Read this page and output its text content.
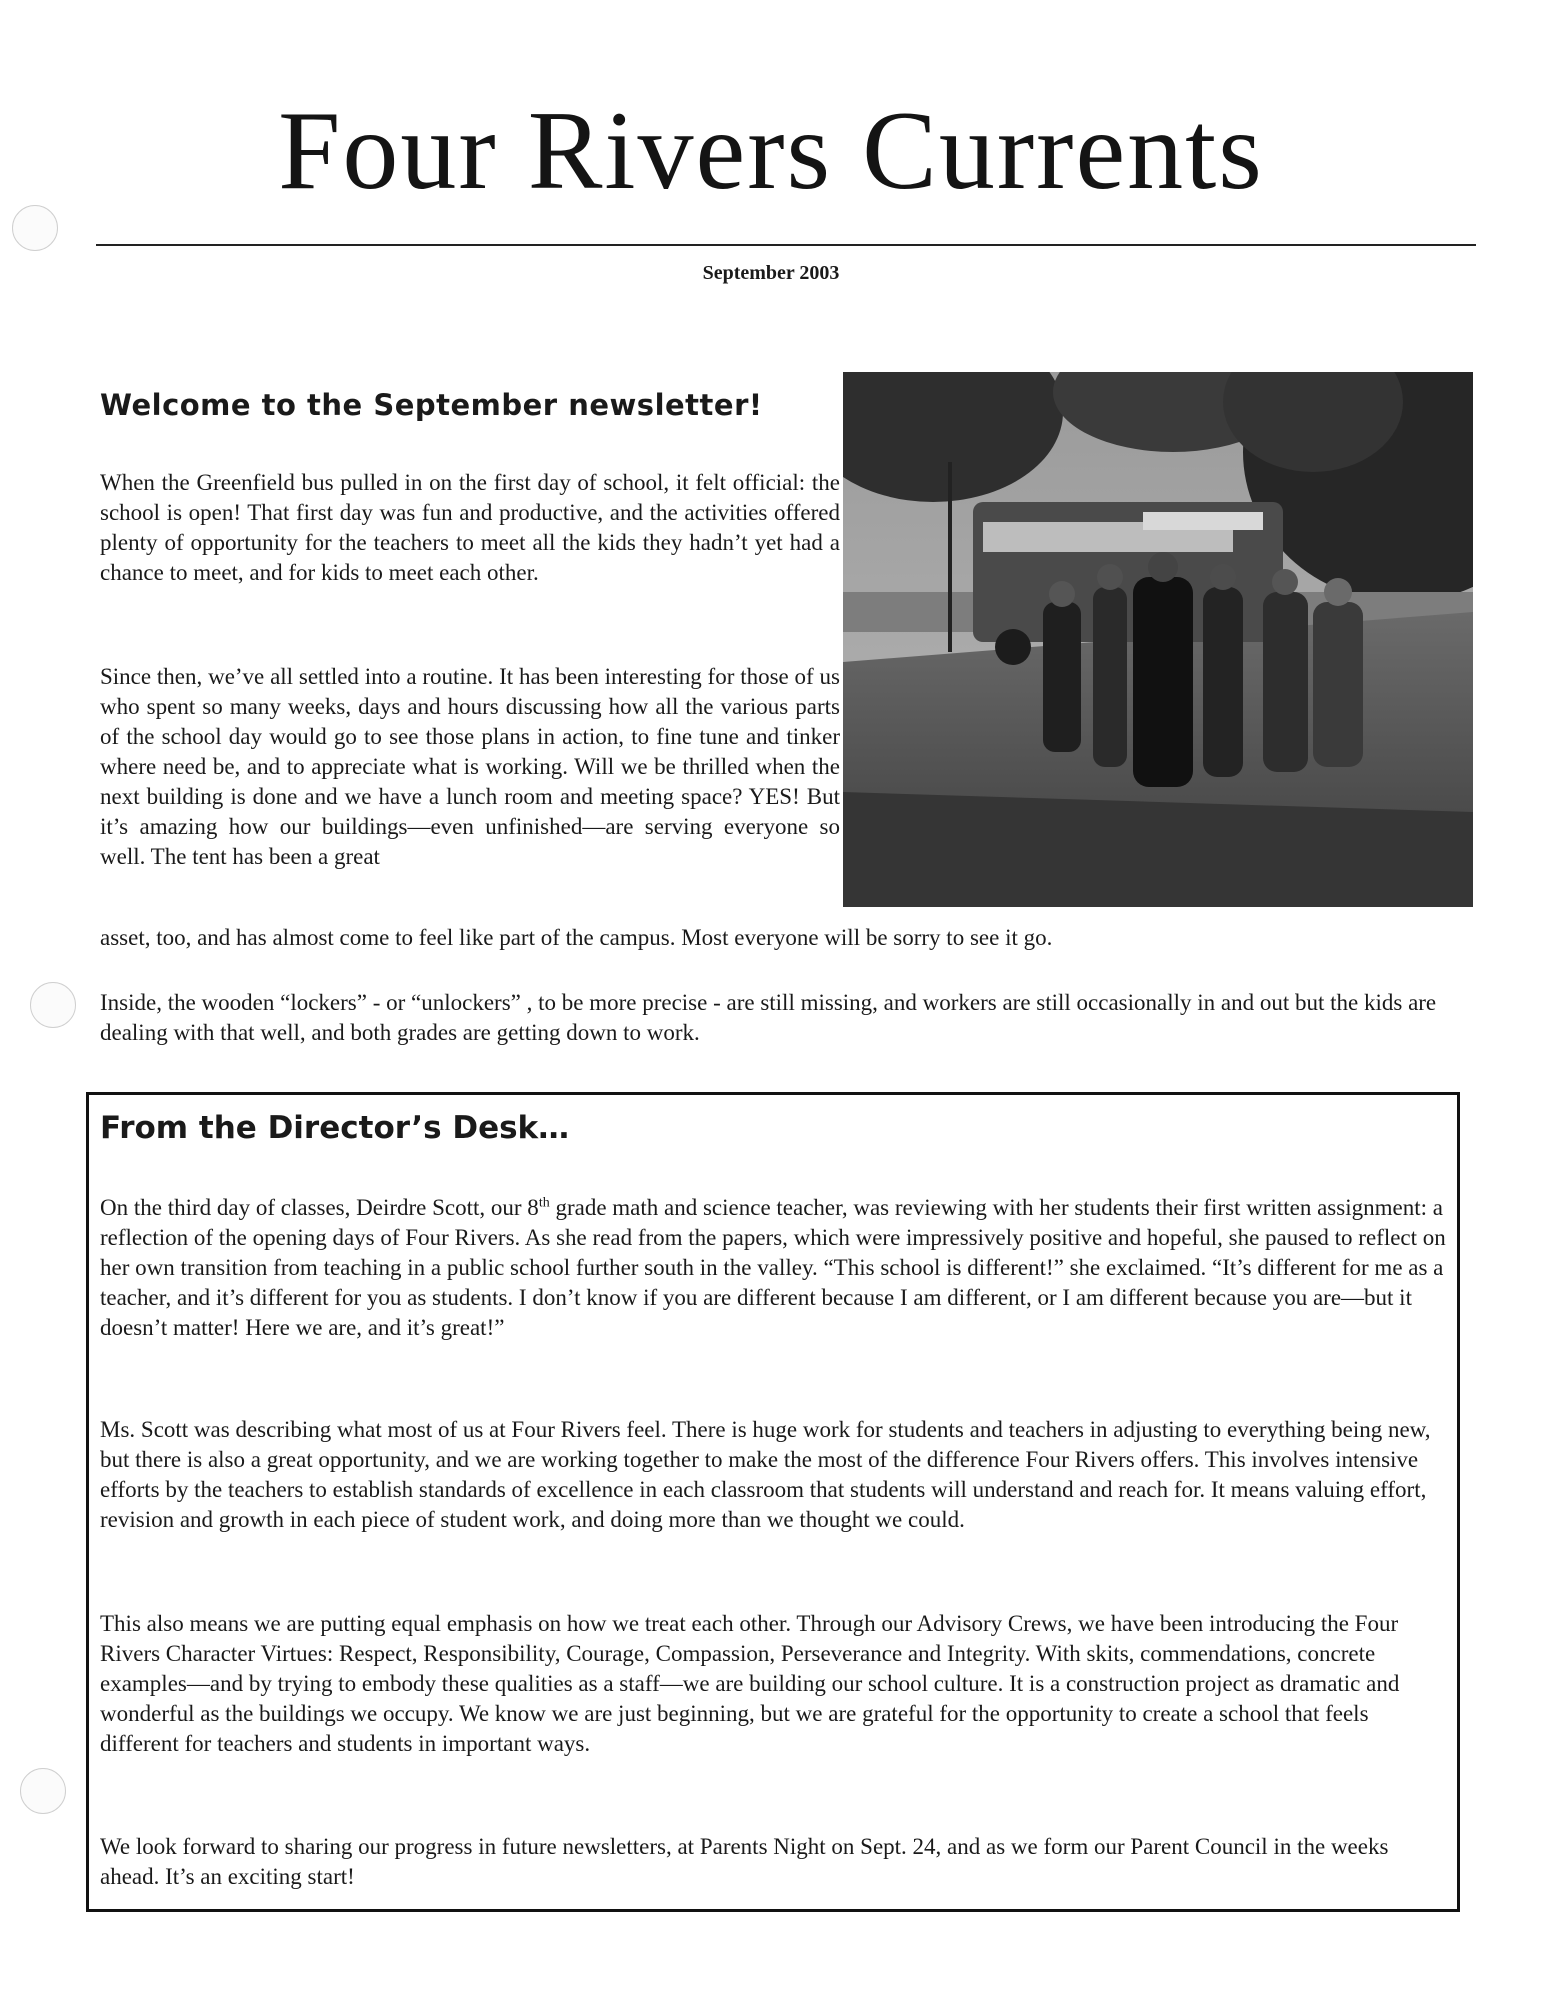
Four Rivers Currents
September 2003
Welcome to the September newsletter!

When the Greenfield bus pulled in on the first day of school, it felt official: the school is open! That first day was fun and productive, and the activities offered plenty of opportunity for the teachers to meet all the kids they hadn’t yet had a chance to meet, and for kids to meet each other.

Since then, we’ve all settled into a routine. It has been interesting for those of us who spent so many weeks, days and hours discussing how all the various parts of the school day would go to see those plans in action, to fine tune and tinker where need be, and to appreciate what is working. Will we be thrilled when the next building is done and we have a lunch room and meeting space? YES! But it’s amazing how our buildings—even unfinished—are serving everyone so well. The tent has been a great

asset, too, and has almost come to feel like part of the campus. Most everyone will be sorry to see it go.

Inside, the wooden “lockers” - or “unlockers” , to be more precise - are still missing, and workers are still occasionally in and out but the kids are dealing with that well, and both grades are getting down to work.

From the Director’s Desk…

On the third day of classes, Deirdre Scott, our 8th grade math and science teacher, was reviewing with her students their first written assignment: a reflection of the opening days of Four Rivers. As she read from the papers, which were impressively positive and hopeful, she paused to reflect on her own transition from teaching in a public school further south in the valley. “This school is different!” she exclaimed. “It’s different for me as a teacher, and it’s different for you as students. I don’t know if you are different because I am different, or I am different because you are—but it doesn’t matter! Here we are, and it’s great!”

Ms. Scott was describing what most of us at Four Rivers feel. There is huge work for students and teachers in adjusting to everything being new, but there is also a great opportunity, and we are working together to make the most of the difference Four Rivers offers. This involves intensive efforts by the teachers to establish standards of excellence in each classroom that students will understand and reach for. It means valuing effort, revision and growth in each piece of student work, and doing more than we thought we could.

This also means we are putting equal emphasis on how we treat each other. Through our Advisory Crews, we have been introducing the Four Rivers Character Virtues: Respect, Responsibility, Courage, Compassion, Perseverance and Integrity. With skits, commendations, concrete examples—and by trying to embody these qualities as a staff—we are building our school culture. It is a construction project as dramatic and wonderful as the buildings we occupy. We know we are just beginning, but we are grateful for the opportunity to create a school that feels different for teachers and students in important ways.

We look forward to sharing our progress in future newsletters, at Parents Night on Sept. 24, and as we form our Parent Council in the weeks ahead. It’s an exciting start!
